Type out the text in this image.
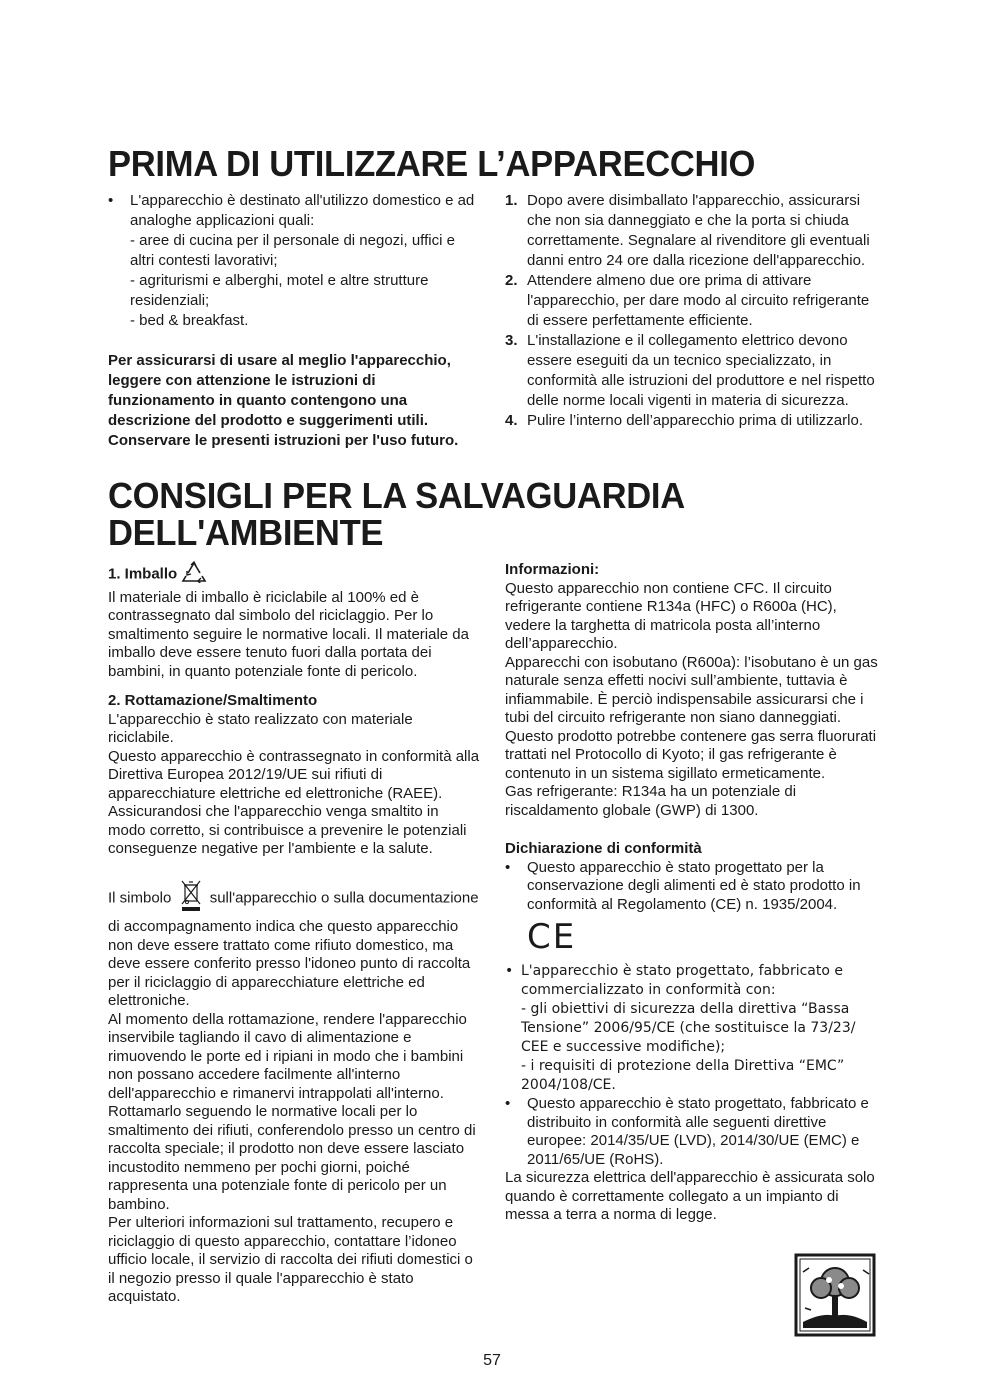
PRIMA DI UTILIZZARE L’APPARECCHIO
• L'apparecchio è destinato all'utilizzo domestico e ad analoghe applicazioni quali:
- aree di cucina per il personale di negozi, uffici e altri contesti lavorativi;
- agriturismi e alberghi, motel e altre strutture residenziali;
- bed & breakfast.
Per assicurarsi di usare al meglio l'apparecchio, leggere con attenzione le istruzioni di funzionamento in quanto contengono una descrizione del prodotto e suggerimenti utili. Conservare le presenti istruzioni per l'uso futuro.
1. Dopo avere disimballato l'apparecchio, assicurarsi che non sia danneggiato e che la porta si chiuda correttamente. Segnalare al rivenditore gli eventuali danni entro 24 ore dalla ricezione dell'apparecchio.
2. Attendere almeno due ore prima di attivare l'apparecchio, per dare modo al circuito refrigerante di essere perfettamente efficiente.
3. L'installazione e il collegamento elettrico devono essere eseguiti da un tecnico specializzato, in conformità alle istruzioni del produttore e nel rispetto delle norme locali vigenti in materia di sicurezza.
4. Pulire l’interno dell’apparecchio prima di utilizzarlo.
CONSIGLI PER LA SALVAGUARDIA
DELL'AMBIENTE
1. Imballo
Il materiale di imballo è riciclabile al 100% ed è contrassegnato dal simbolo del riciclaggio. Per lo smaltimento seguire le normative locali. Il materiale da imballo deve essere tenuto fuori dalla portata dei bambini, in quanto potenziale fonte di pericolo.
2. Rottamazione/Smaltimento
L'apparecchio è stato realizzato con materiale riciclabile.
Questo apparecchio è contrassegnato in conformità alla Direttiva Europea 2012/19/UE sui rifiuti di apparecchiature elettriche ed elettroniche (RAEE).
Assicurandosi che l'apparecchio venga smaltito in modo corretto, si contribuisce a prevenire le potenziali conseguenze negative per l'ambiente e la salute.
Il simbolo	sull'apparecchio o sulla documentazione di accompagnamento indica che questo apparecchio non deve essere trattato come rifiuto domestico, ma deve essere conferito presso l'idoneo punto di raccolta per il riciclaggio di apparecchiature elettriche ed elettroniche.
Al momento della rottamazione, rendere l'apparecchio inservibile tagliando il cavo di alimentazione e rimuovendo le porte ed i ripiani in modo che i bambini non possano accedere facilmente all'interno dell'apparecchio e rimanervi intrappolati all'interno.
Rottamarlo seguendo le normative locali per lo smaltimento dei rifiuti, conferendolo presso un centro di raccolta speciale; il prodotto non deve essere lasciato incustodito nemmeno per pochi giorni, poiché rappresenta una potenziale fonte di pericolo per un bambino.
Per ulteriori informazioni sul trattamento, recupero e riciclaggio di questo apparecchio, contattare l’idoneo ufficio locale, il servizio di raccolta dei rifiuti domestici o il negozio presso il quale l'apparecchio è stato acquistato.
Informazioni:
Questo apparecchio non contiene CFC. Il circuito refrigerante contiene R134a (HFC) o R600a (HC), vedere la targhetta di matricola posta all’interno dell’apparecchio.
Apparecchi con isobutano (R600a): l’isobutano è un gas naturale senza effetti nocivi sull’ambiente, tuttavia è infiammabile. È perciò indispensabile assicurarsi che i tubi del circuito refrigerante non siano danneggiati.
Questo prodotto potrebbe contenere gas serra fluorurati trattati nel Protocollo di Kyoto; il gas refrigerante è contenuto in un sistema sigillato ermeticamente.
Gas refrigerante: R134a ha un potenziale di riscaldamento globale (GWP) di 1300.
Dichiarazione di conformità
• Questo apparecchio è stato progettato per la conservazione degli alimenti ed è stato prodotto in conformità al Regolamento (CE) n. 1935/2004.
CE
• L'apparecchio è stato progettato, fabbricato e commercializzato in conformità con:
- gli obiettivi di sicurezza della direttiva “Bassa Tensione” 2006/95/CE (che sostituisce la 73/23/ CEE e successive modifiche);
- i requisiti di protezione della Direttiva “EMC” 2004/108/CE.
• Questo apparecchio è stato progettato, fabbricato e distribuito in conformità alle seguenti direttive europee: 2014/35/UE (LVD), 2014/30/UE (EMC) e 2011/65/UE (RoHS).
La sicurezza elettrica dell'apparecchio è assicurata solo quando è correttamente collegato a un impianto di messa a terra a norma di legge.
57
